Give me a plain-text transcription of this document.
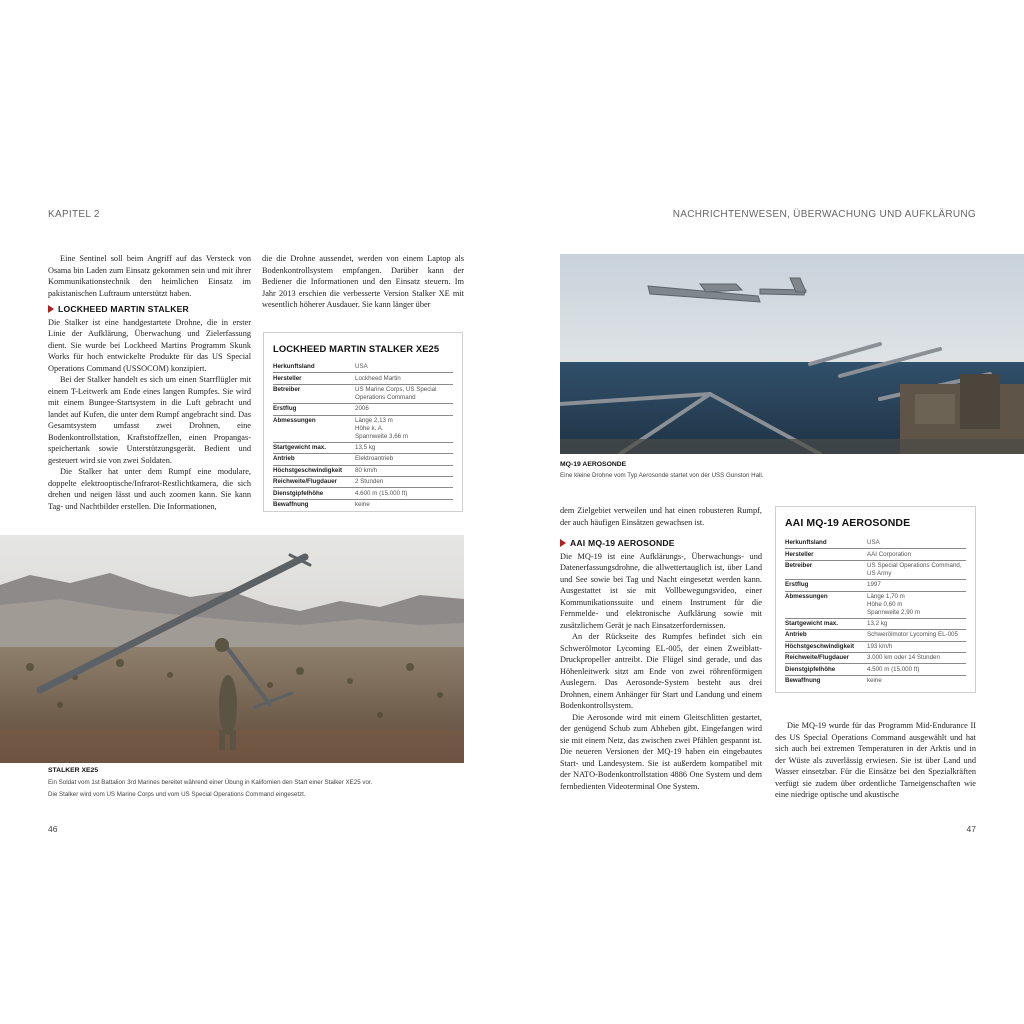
KAPITEL 2	NACHRICHTENWESEN, ÜBERWACHUNG UND AUFKLÄRUNG

Eine Sentinel soll beim Angriff auf das Versteck von Osama bin Laden zum Einsatz gekommen sein und mit ihrer Kommunikationstechnik den heimlichen Einsatz im pakistanischen Luftraum unterstützt haben.

LOCKHEED MARTIN STALKER

Die Stalker ist eine handgestartete Drohne, die in erster Linie der Aufklärung, Überwachung und Zielerfassung dient. Sie wurde bei Lockheed Martins Programm Skunk Works für hoch entwickelte Produkte für das US Special Operations Command (USSOCOM) konzipiert.

Bei der Stalker handelt es sich um einen Starrflügler mit einem T-Leitwerk am Ende eines langen Rumpfes. Sie wird mit einem Bungee-Startsystem in die Luft gebracht und landet auf Kufen, die unter dem Rumpf angebracht sind. Das Gesamtsystem umfasst zwei Drohnen, eine Bodenkontrollstation, Kraftstoffzellen, einen Propangasspeichertank sowie Unterstützungsgerät. Bedient und gesteuert wird sie von zwei Soldaten.

Die Stalker hat unter dem Rumpf eine modulare, doppelte elektrooptische/Infrarot-Restlichtkamera, die sich drehen und neigen lässt und auch zoomen kann. Sie kann Tag- und Nachtbilder erstellen. Die Informationen,

die die Drohne aussendet, werden von einem Laptop als Bodenkontrollsystem empfangen. Darüber kann der Bediener die Informationen und den Einsatz steuern. Im Jahr 2013 erschien die verbesserte Version Stalker XE mit wesentlich höherer Ausdauer. Sie kann länger über

LOCKHEED MARTIN STALKER XE25
Herkunftsland	USA
Hersteller	Lockheed Martin
Betreiber	US Marine Corps, US Special Operations Command
Erstflug	2006
Abmessungen	Länge 2,13 m
Höhe k. A.
Spannweite 3,66 m
Startgewicht max.	13,5 kg
Antrieb	Elektroantrieb
Höchstgeschwindigkeit	80 km/h
Reichweite/Flugdauer	2 Stunden
Dienstgipfelhöhe	4.600 m (15.000 ft)
Bewaffnung	keine
STALKER XE25
Ein Soldat vom 1st Battalion 3rd Marines bereitet während einer Übung in Kalifornien den Start einer Stalker XE25 vor.
Die Stalker wird vom US Marine Corps und vom US Special Operations Command eingesetzt.
MQ-19 AEROSONDE
Eine kleine Drohne vom Typ Aerosonde startet von der USS Gunston Hall.

dem Zielgebiet verweilen und hat einen robusteren Rumpf, der auch häufigen Einsätzen gewachsen ist.

AAI MQ-19 AEROSONDE

Die MQ-19 ist eine Aufklärungs-, Überwachungs- und Datenerfassungsdrohne, die allwettertauglich ist, über Land und See sowie bei Tag und Nacht eingesetzt werden kann. Ausgestattet ist sie mit Vollbewegungsvideo, einer Kommunikationssuite und einem Instrument für die Fernmelde- und elektronische Aufklärung sowie mit zusätzlichem Gerät je nach Einsatzerfordernissen.

An der Rückseite des Rumpfes befindet sich ein Schwerölmotor Lycoming EL-005, der einen Zweiblatt-Druckpropeller antreibt. Die Flügel sind gerade, und das Höhenleitwerk sitzt am Ende von zwei röhrenförmigen Auslegern. Das Aerosonde-System besteht aus drei Drohnen, einem Anhänger für Start und Landung und einem Bodenkontrollsystem.

Die Aerosonde wird mit einem Gleitschlitten gestartet, der genügend Schub zum Abheben gibt. Eingefangen wird sie mit einem Netz, das zwischen zwei Pfählen gespannt ist. Die neueren Versionen der MQ-19 haben ein eingebautes Start- und Landesystem. Sie ist außerdem kompatibel mit der NATO-Bodenkontrollstation 4886 One System und dem fernbedienten Videoterminal One System.

AAI MQ-19 AEROSONDE
Herkunftsland	USA
Hersteller	AAI Corporation
Betreiber	US Special Operations Command, US Army
Erstflug	1997
Abmessungen	Länge 1,70 m
Höhe 0,60 m
Spannweite 2,90 m
Startgewicht max.	13,2 kg
Antrieb	Schwerölmotor Lycoming EL-005
Höchstgeschwindigkeit	193 km/h
Reichweite/Flugdauer	3.000 km oder 14 Stunden
Dienstgipfelhöhe	4.500 m (15.000 ft)
Bewaffnung	keine

Die MQ-19 wurde für das Programm Mid-Endurance II des US Special Operations Command ausgewählt und hat sich auch bei extremen Temperaturen in der Arktis und in der Wüste als zuverlässig erwiesen. Sie ist über Land und Wasser einsetzbar. Für die Einsätze bei den Spezialkräften verfügt sie zudem über ordentliche Tarneigenschaften wie eine niedrige optische und akustische

46	47
